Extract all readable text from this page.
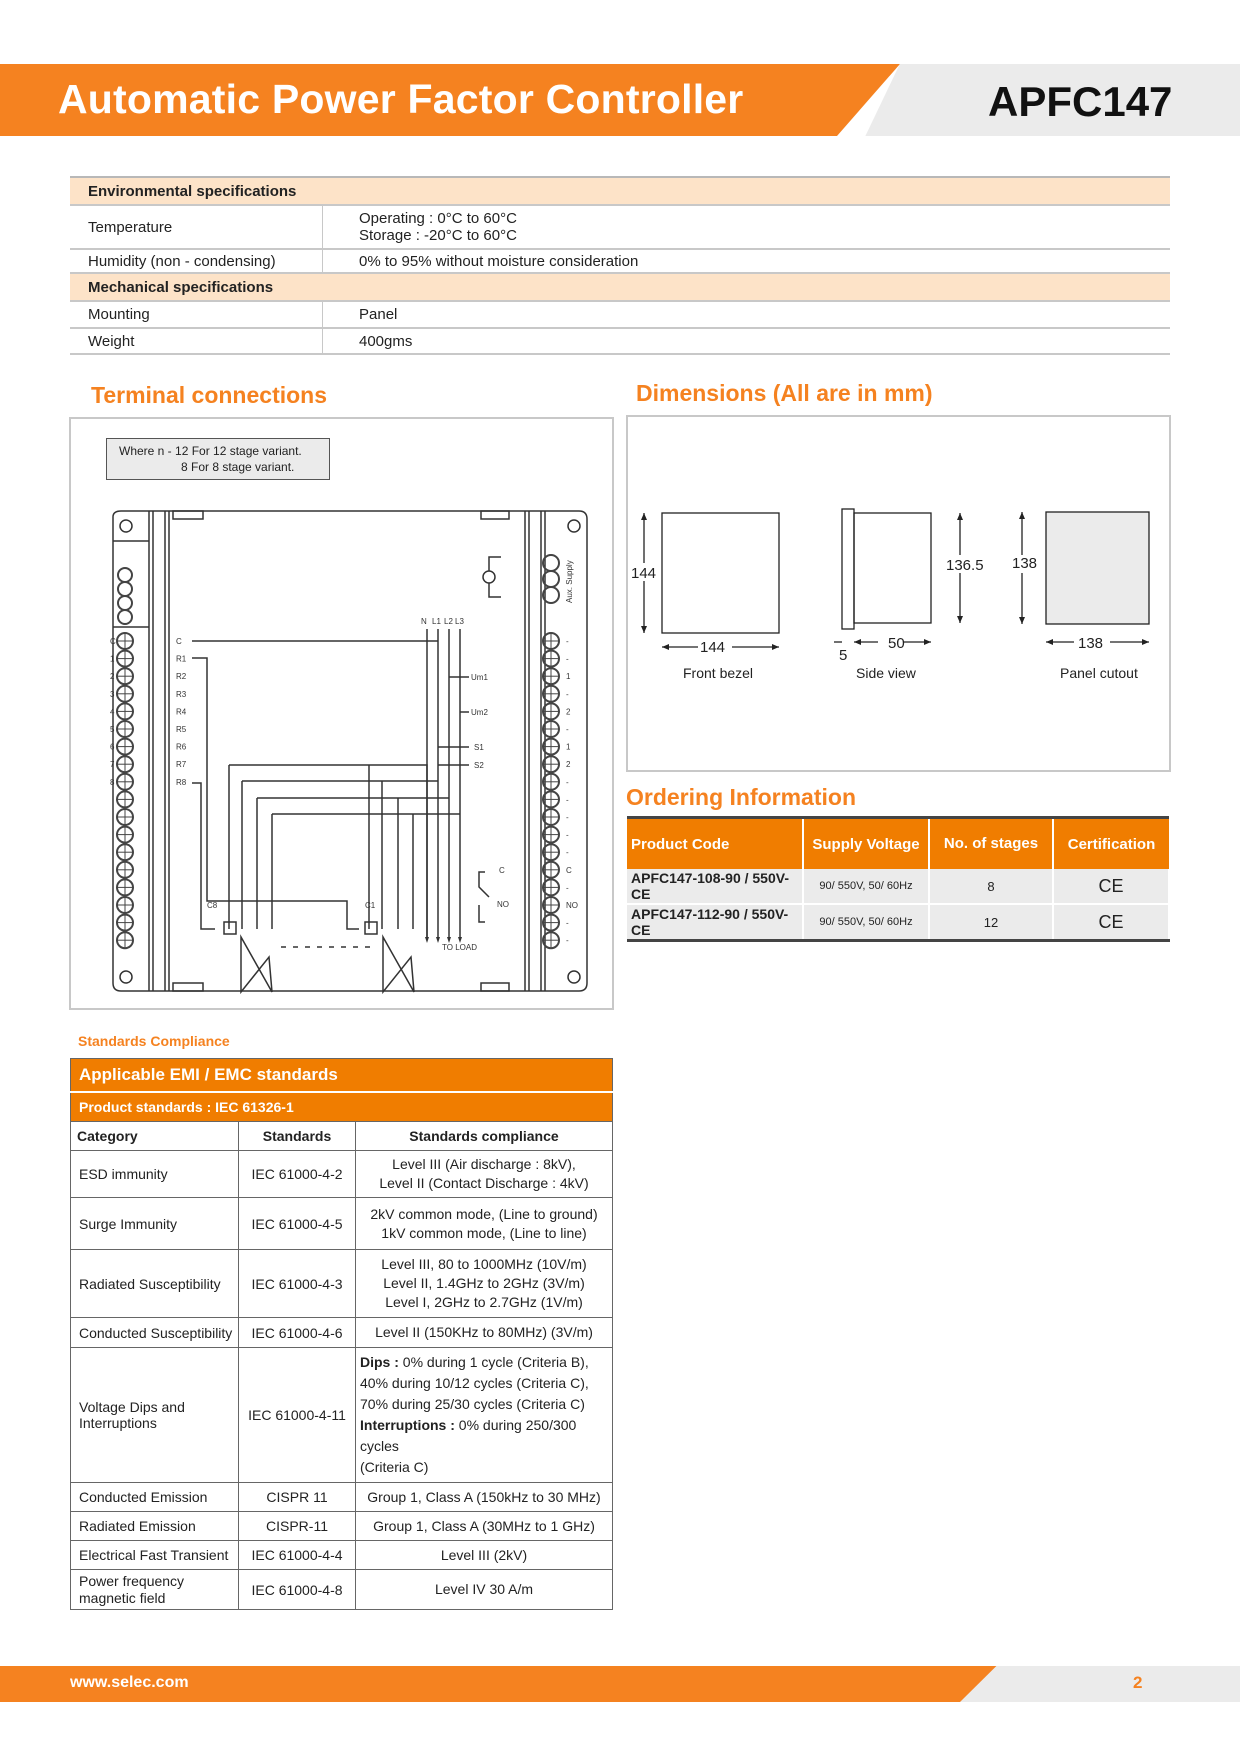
Automatic Power Factor Controller	APFC147
Environmental specifications	
Temperature	Operating : 0°C to 60°C
Storage : -20°C to 60°C

Humidity (non - condensing)	0% to 95% without moisture consideration
Mechanical specifications	
Mounting	Panel
Weight	400gms
Terminal connections
Where n - 12 For 12 stage variant.
8 For 8 stage variant.
C
1
2
3
4
5
6
7
8
C
R1
R2
R3
R4
R5
R6
R7
R8
-
-
1
-
2
-
1
2
-
-
-
-
-
C
-
NO
-
-
N L1 L2 L3
Um1
Um2
S1
S2
C8	C1
TO LOAD
C
NO
Aux. Supply
Dimensions (All are in mm)
144
144
Front bezel
136.5
50
5
Side view
138
138
Panel cutout
Ordering Information
Product Code	Supply Voltage	No. of stages	Certification
APFC147-108-90 / 550V-CE	90/ 550V, 50/ 60Hz	8	CE
APFC147-112-90 / 550V-CE	90/ 550V, 50/ 60Hz	12	CE
Standards Compliance
Applicable EMI / EMC standards		
Product standards : IEC 61326-1		
Category	Standards	Standards compliance
ESD immunity	IEC 61000-4-2	Level III (Air discharge : 8kV),
Level II (Contact Discharge : 4kV)

Surge Immunity	IEC 61000-4-5	2kV common mode, (Line to ground)
1kV common mode, (Line to line)

Radiated Susceptibility	IEC 61000-4-3	Level III, 80 to 1000MHz (10V/m)
Level II, 1.4GHz to 2GHz (3V/m)
Level I, 2GHz to 2.7GHz (1V/m)

Conducted Susceptibility	IEC 61000-4-6	Level II (150KHz to 80MHz) (3V/m)

Voltage Dips and Interruptions	IEC 61000-4-11	Dips : 0% during 1 cycle (Criteria B),
40% during 10/12 cycles (Criteria C),
70% during 25/30 cycles (Criteria C)
Interruptions : 0% during 250/300 cycles
(Criteria C)

Conducted Emission	CISPR 11	Group 1, Class A (150kHz to 30 MHz)

Radiated Emission	CISPR-11	Group 1, Class A (30MHz to 1 GHz)

Electrical Fast Transient	IEC 61000-4-4	Level III (2kV)

Power frequency magnetic field	IEC 61000-4-8	Level IV 30 A/m
www.selec.com	2
